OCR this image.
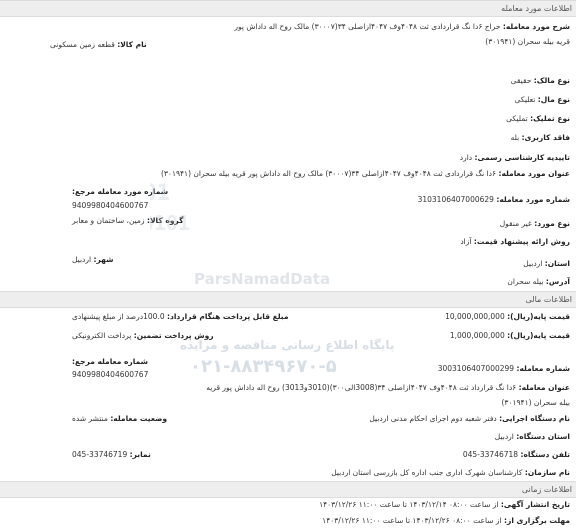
اطلاعات مورد معامله
شرح مورد معامله: حراج ۶دا نگ قراردادی ثت ۴۰۴۸وف ۴۰۴۷ازاصلی ۳۴(۳۰۰۰۷) مالک روح اله داداش پور قریه بیله سحران (۳۰۱۹۴۱)
نام کالا: قطعه زمین مسکونی
نوع مالک: حقیقی
نوع مال: تعلیکی
نوع تملیک: تملیکی
فاقد کاربری: بله
تاییدیه کارشناسی رسمی: دارد
عنوان مورد معامله: ۶دا نگ قراردادی ثت ۴۰۴۸وف ۴۰۴۷ازاصلی ۳۴(۳۰۰۰۷) مالک روح اله داداش پور قریه بیله سحران (۳۰۱۹۴۱)
شماره مورد معامله: 3103106407000629
شماره مورد معامله مرجع:
9409980404600767
نوع مورد: غیر منقول
گروه کالا: زمین، ساختمان و معابر
روش ارائه پیشنهاد قیمت: آزاد
استان: اردبیل
شهر: اردبیل
آدرس: بیله سحران
اطلاعات مالی
قیمت پایه(ریال): 10,000,000,000
مبلغ قابل پرداخت هنگام قرارداد: 100.0درصد از مبلغ پیشنهادی
قیمت پایه(ریال): 1,000,000,000
روش پرداخت تضمین: پرداخت الکترونیکی
شماره معامله: 3003106407000299
شماره معامله مرجع:
9409980404600767
عنوان معامله: ۶دا نگ قرارداد ثت ۴۰۴۸وف ۴۰۴۷ازاصلی ۳۴(3008الی۳۰۰)(3010و3013) روح اله داداش پور قریه بیله سحران (۳۰۱۹۴۱)
نام دستگاه اجرایی: دفتر شعبه دوم اجرای احکام مدنی اردبیل
وضعیت معامله: منتشر شده
استان دستگاه: اردبیل
تلفن دستگاه: 33746718-045
نمابر: 33746719-045
نام سازمان: کارشناسان شهرک اداری جنب اداره کل بازرسی استان اردبیل
اطلاعات زمانی
تاریخ انتشار آگهی: از ساعت ۰۸:۰۰ ۱۴۰۳/۱۲/۱۴ تا ساعت ۱۱:۰۰ ۱۴۰۳/۱۲/۲۶
مهلت برگزاری از: از ساعت ۰۸:۰۰ ۱۴۰۳/۱۲/۲۶ تا ساعت ۱۱:۰۰ ۱۴۰۳/۱۲/۲۶
01
101
ParsNamadData
پایگاه اطلاع رسانی مناقصه و مزایده
۰۲۱-۸۸۳۴۹۶۷۰-۵
